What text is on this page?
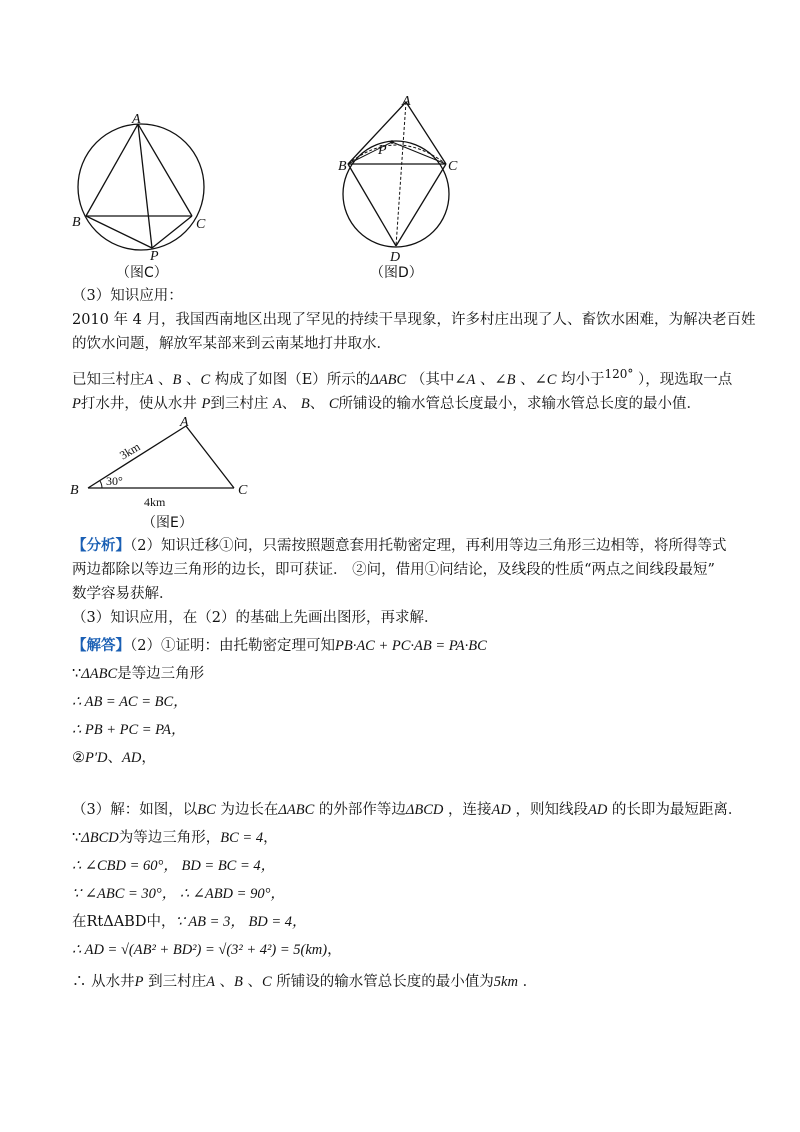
A
B	C
P
（图C）
A
B	C
P
D
（图D）
（3）知识应用：
2010 年 4 月，我国西南地区出现了罕见的持续干旱现象，许多村庄出现了人、畜饮水困难，为解决老百姓
的饮水问题，解放军某部来到云南某地打井取水．
已知三村庄A 、B 、C 构成了如图（E）所示的ΔABC （其中∠A 、∠B 、∠C 均小于$^{120^\circ}$ ），现选取一点
P打水井，使从水井 P到三村庄 A、 B、 C所铺设的输水管总长度最小，求输水管总长度的最小值．
A
B	C
3km
30°
4km
（图E）
【分析】（2）知识迁移①问，只需按照题意套用托勒密定理，再利用等边三角形三边相等，将所得等式
两边都除以等边三角形的边长，即可获证． ②问，借用①问结论，及线段的性质“两点之间线段最短”
数学容易获解．
（3）知识应用，在（2）的基础上先画出图形，再求解．
【解答】（2）①证明：由托勒密定理可知PB·AC + PC·AB = PA·BC
∵ΔABC是等边三角形
∴ AB = AC = BC，
∴ PB + PC = PA，
②P′D、AD，
（3）解：如图，以BC 为边长在ΔABC 的外部作等边ΔBCD ，连接AD ，则知线段AD 的长即为最短距离．
∵ΔBCD为等边三角形，BC = 4，
∴ ∠CBD = 60°， BD = BC = 4，
∵ ∠ABC = 30°， ∴ ∠ABD = 90°，
在RtΔABD中，∵ AB = 3， BD = 4，
∴ AD = √(AB² + BD²) = √(3² + 4²) = 5(km)，
∴ 从水井P 到三村庄A 、B 、C 所铺设的输水管总长度的最小值为5km ．
